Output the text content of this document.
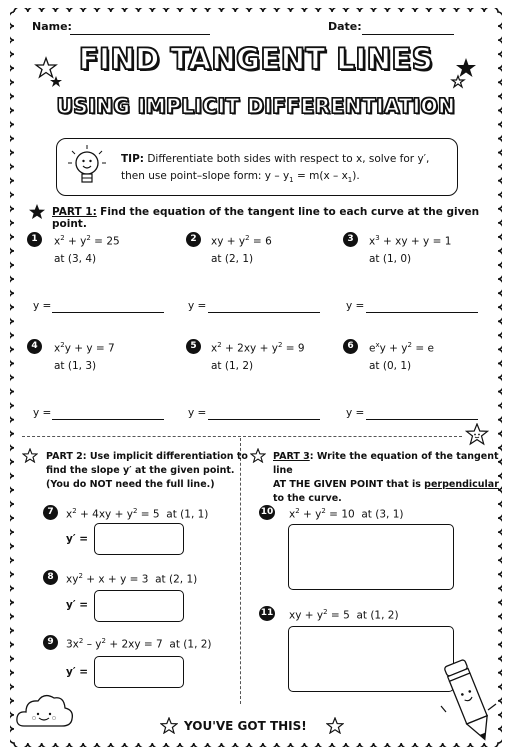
Name:	Date:
FIND TANGENT LINES
USING IMPLICIT DIFFERENTIATION
TIP: Differentiate both sides with respect to x, solve for y′,
then use point–slope form: $y - y_1 = m(x - x_1)$.
PART 1: Find the equation of the tangent line to each curve at the given point.
1	$x^2 + y^2 = 25$
at (3, 4)
2	xy + $y^2 = 6$
at (2, 1)
3	$x^3$ + xy + y = 1
at (1, 0)
y =	y =	y =
4	$x^2y + y = 7$
at (1, 3)
5	$x^2 + 2xy + y^2 = 9$
at (1, 2)
6	$e^xy + y^2 = e$
at (0, 1)
y =	y =	y =
PART 2: Use implicit differentiation to
find the slope y′ at the given point.
(You do NOT need the full line.)
7	$x^2 + 4xy + y^2 = 5$  at (1, 1)
y′ =
8	$xy^2 + x + y = 3$  at (2, 1)
y′ =
9	$3x^2 - y^2 + 2xy = 7$  at (1, 2)
y′ =
PART 3: Write the equation of the tangent line
AT THE GIVEN POINT that is perpendicular
to the curve.
10 $x^2 + y^2 = 10$  at (3, 1)
11 xy + $y^2 = 5$  at (1, 2)
YOU'VE GOT THIS!
